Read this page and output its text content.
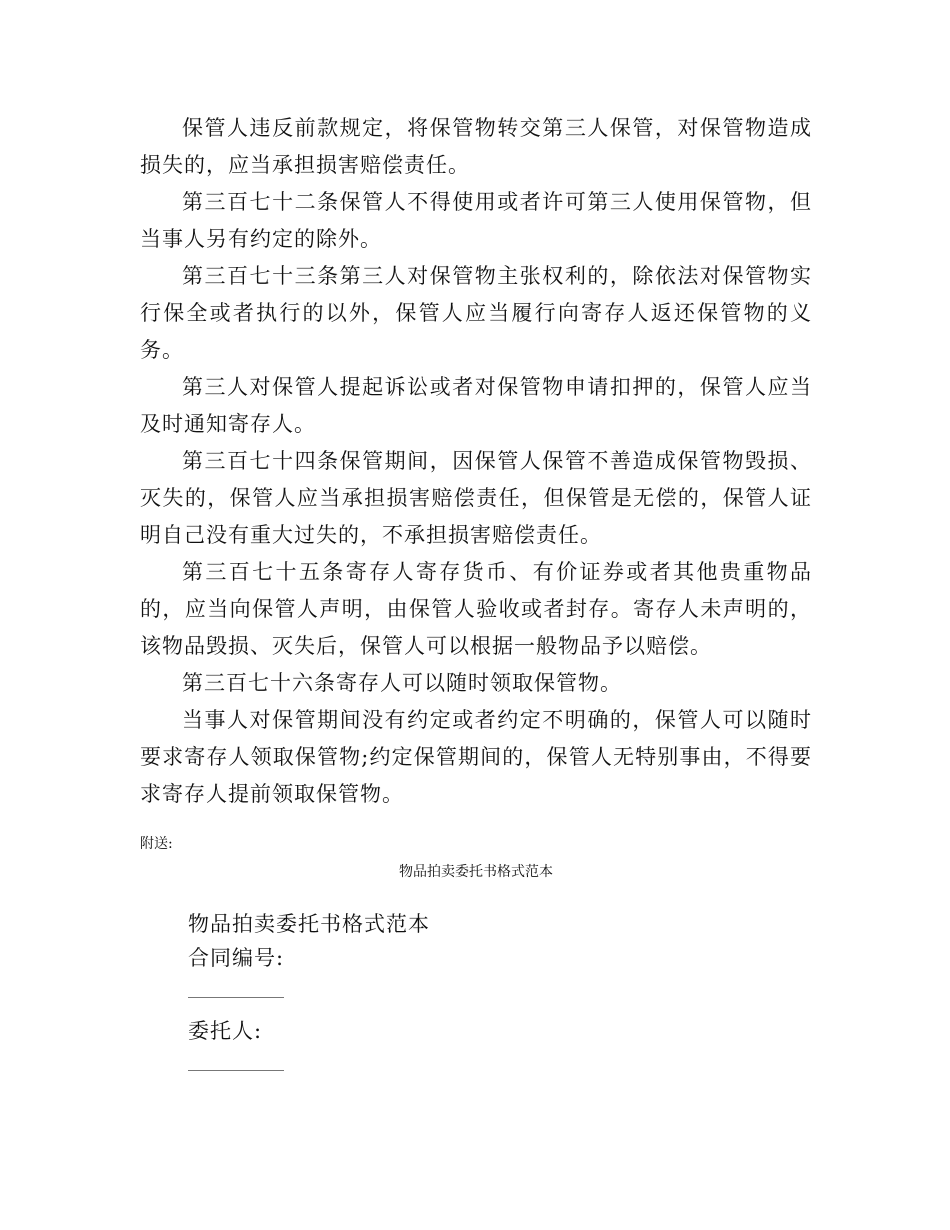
保管人违反前款规定，将保管物转交第三人保管，对保管物造成损失的，应当承担损害赔偿责任。

第三百七十二条保管人不得使用或者许可第三人使用保管物，但当事人另有约定的除外。

第三百七十三条第三人对保管物主张权利的，除依法对保管物实行保全或者执行的以外，保管人应当履行向寄存人返还保管物的义务。

第三人对保管人提起诉讼或者对保管物申请扣押的，保管人应当及时通知寄存人。

第三百七十四条保管期间，因保管人保管不善造成保管物毁损、灭失的，保管人应当承担损害赔偿责任，但保管是无偿的，保管人证明自己没有重大过失的，不承担损害赔偿责任。

第三百七十五条寄存人寄存货币、有价证券或者其他贵重物品的，应当向保管人声明，由保管人验收或者封存。寄存人未声明的，该物品毁损、灭失后，保管人可以根据一般物品予以赔偿。

第三百七十六条寄存人可以随时领取保管物。

当事人对保管期间没有约定或者约定不明确的，保管人可以随时要求寄存人领取保管物;约定保管期间的，保管人无特别事由，不得要求寄存人提前领取保管物。

附送:
物品拍卖委托书格式范本
物品拍卖委托书格式范本
合同编号:
委托人:
